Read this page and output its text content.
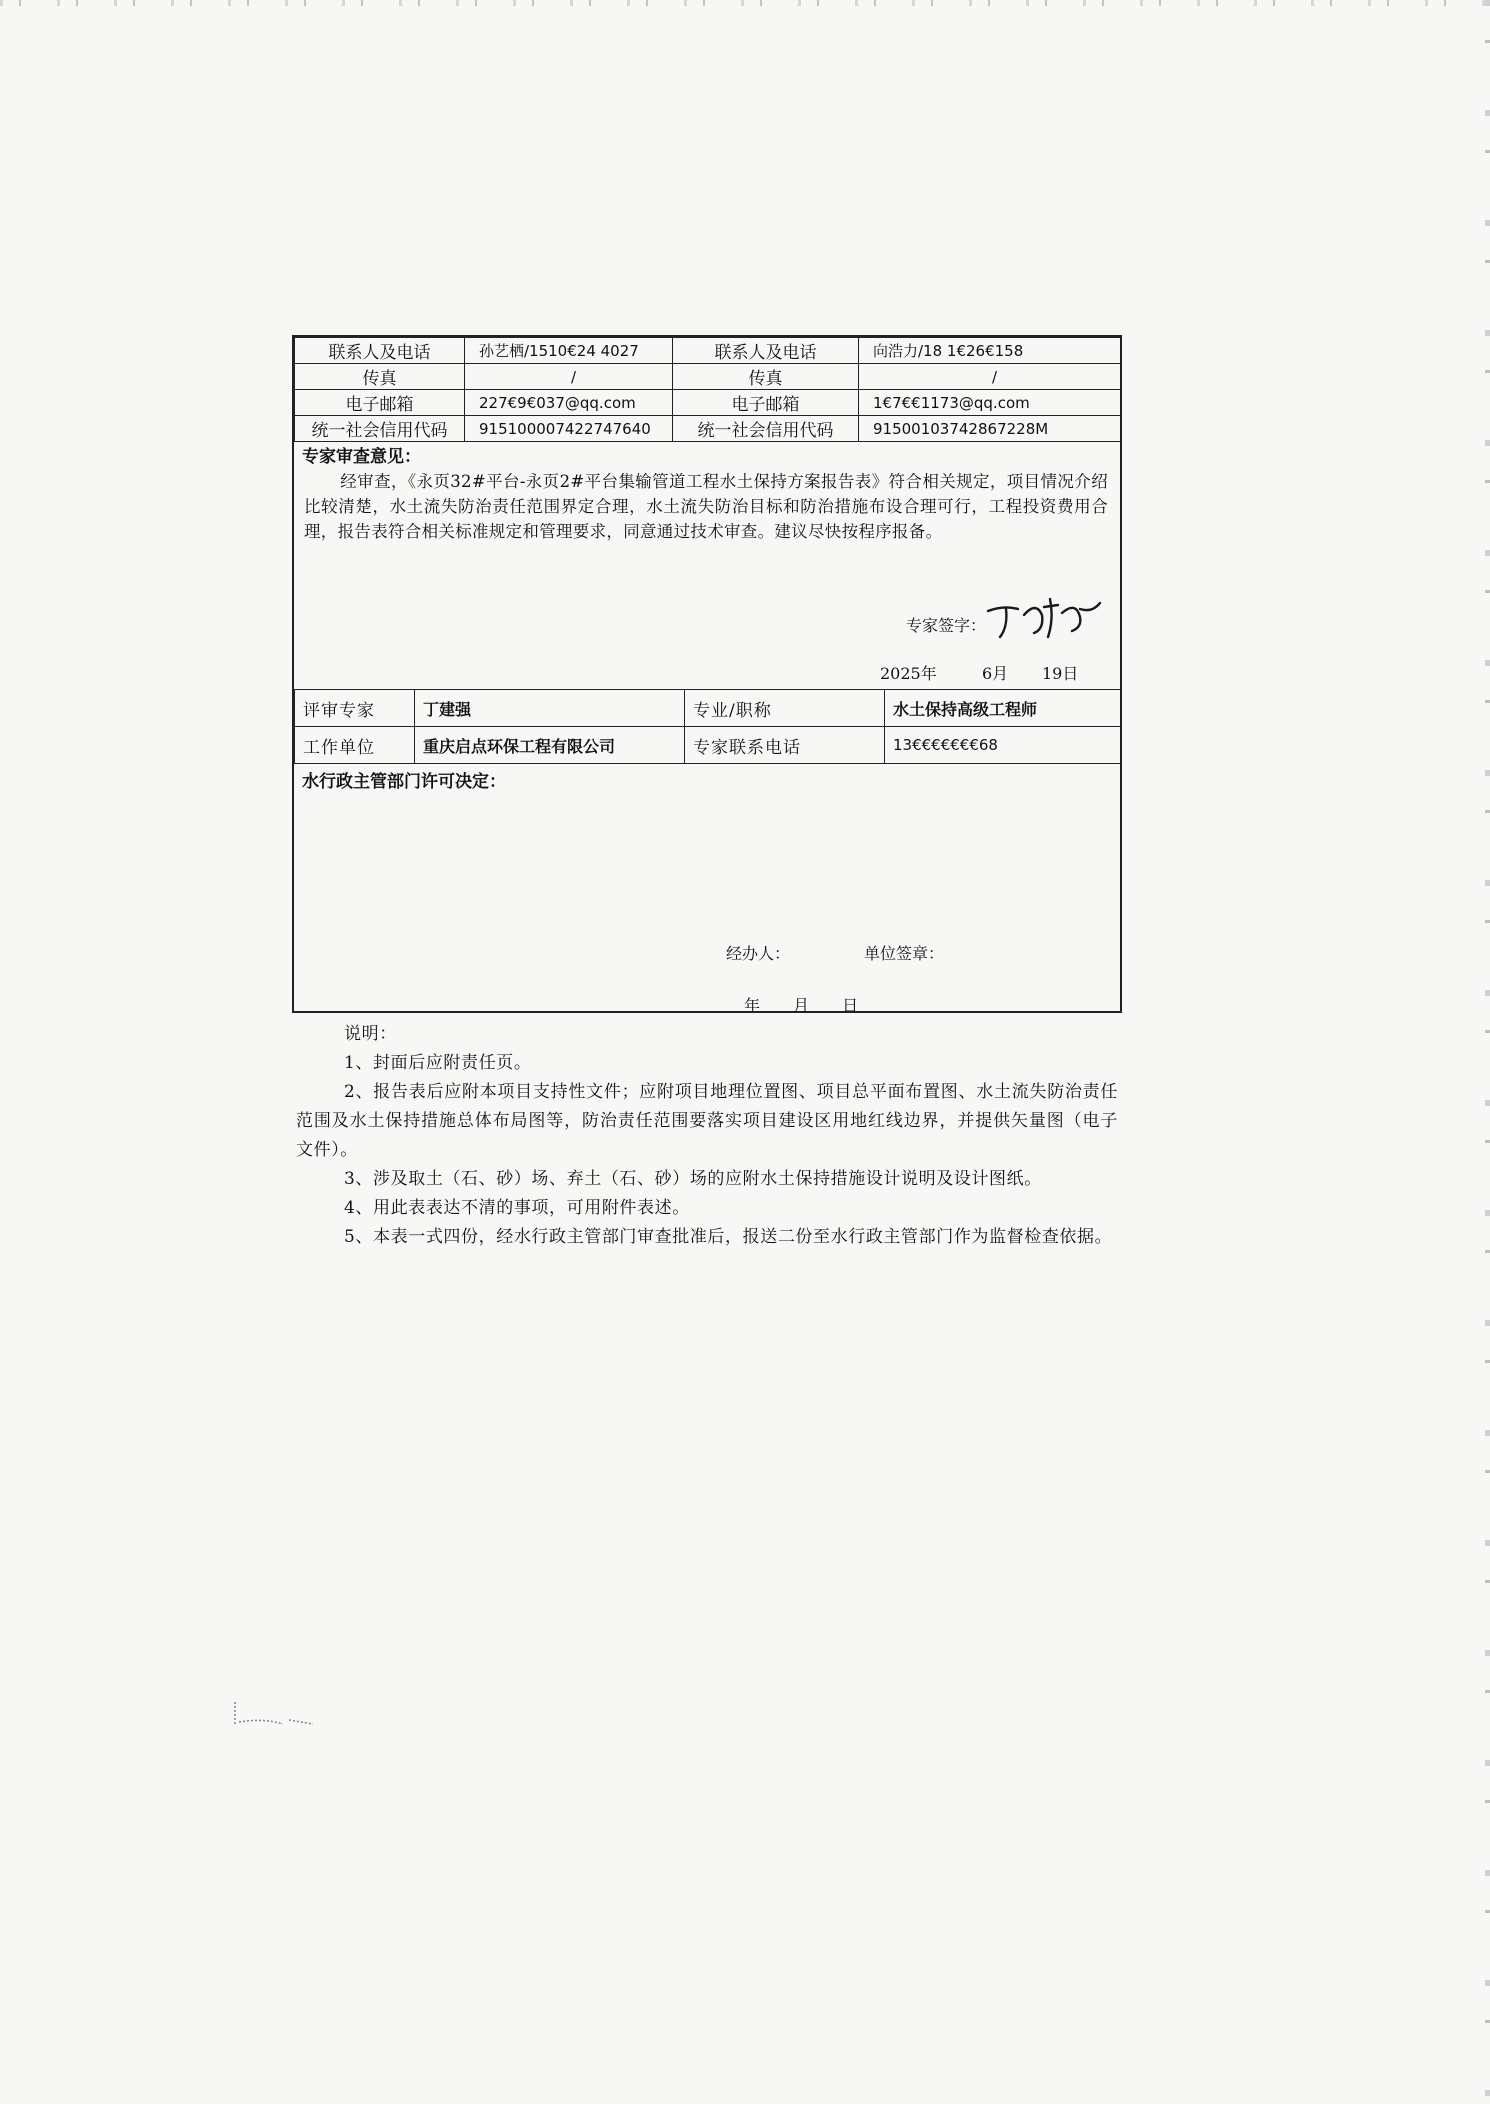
联系人及电话	孙艺栖/1510€24 4027	联系人及电话	向浩力/18 1€26€158
传真	/	传真	/
电子邮箱	227€9€037@qq.com	电子邮箱	1€7€€1173@qq.com
统一社会信用代码	915100007422747640	统一社会信用代码	91500103742867228M
专家审查意见：
经审查，《永页32#平台-永页2#平台集输管道工程水土保持方案报告表》符合相关规定，项目情况介绍比较清楚，水土流失防治责任范围界定合理，水土流失防治目标和防治措施布设合理可行，工程投资费用合理，报告表符合相关标准规定和管理要求，同意通过技术审查。建议尽快按程序报备。
专家签字：
2025年	6月 19日
评审专家	丁建强	专业/职称	水土保持高级工程师
工作单位	重庆启点环保工程有限公司	专家联系电话	13€€€€€€€68
水行政主管部门许可决定：
经办人：	单位签章：
年 月 日
说明：
1、封面后应附责任页。
2、报告表后应附本项目支持性文件；应附项目地理位置图、项目总平面布置图、水土流失防治责任范围及水土保持措施总体布局图等，防治责任范围要落实项目建设区用地红线边界，并提供矢量图（电子文件）。
3、涉及取土（石、砂）场、弃土（石、砂）场的应附水土保持措施设计说明及设计图纸。
4、用此表表达不清的事项，可用附件表述。
5、本表一式四份，经水行政主管部门审查批准后，报送二份至水行政主管部门作为监督检查依据。
